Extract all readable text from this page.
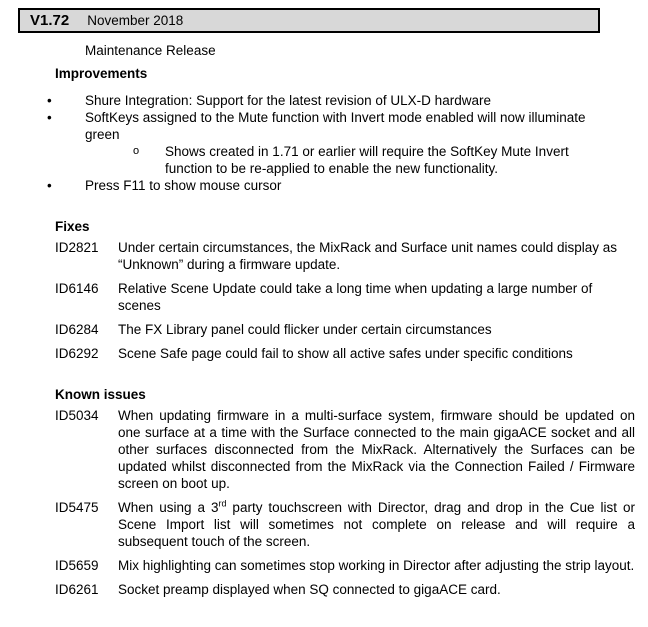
V1.72 November 2018
Maintenance Release
Improvements
•	Shure Integration: Support for the latest revision of ULX-D hardware
•	SoftKeys assigned to the Mute function with Invert mode enabled will now illuminate green
o	Shows created in 1.71 or earlier will require the SoftKey Mute Invert function to be re-applied to enable the new functionality.
•	Press F11 to show mouse cursor
Fixes
ID2821	Under certain circumstances, the MixRack and Surface unit names could display as “Unknown” during a firmware update.
ID6146	Relative Scene Update could take a long time when updating a large number of scenes
ID6284	The FX Library panel could flicker under certain circumstances
ID6292	Scene Safe page could fail to show all active safes under specific conditions
Known issues
ID5034	When updating firmware in a multi-surface system, firmware should be updated on one surface at a time with the Surface connected to the main gigaACE socket and all other surfaces disconnected from the MixRack. Alternatively the Surfaces can be updated whilst disconnected from the MixRack via the Connection Failed / Firmware screen on boot up.
ID5475	When using a 3rd party touchscreen with Director, drag and drop in the Cue list or Scene Import list will sometimes not complete on release and will require a subsequent touch of the screen.
ID5659	Mix highlighting can sometimes stop working in Director after adjusting the strip layout.
ID6261	Socket preamp displayed when SQ connected to gigaACE card.
